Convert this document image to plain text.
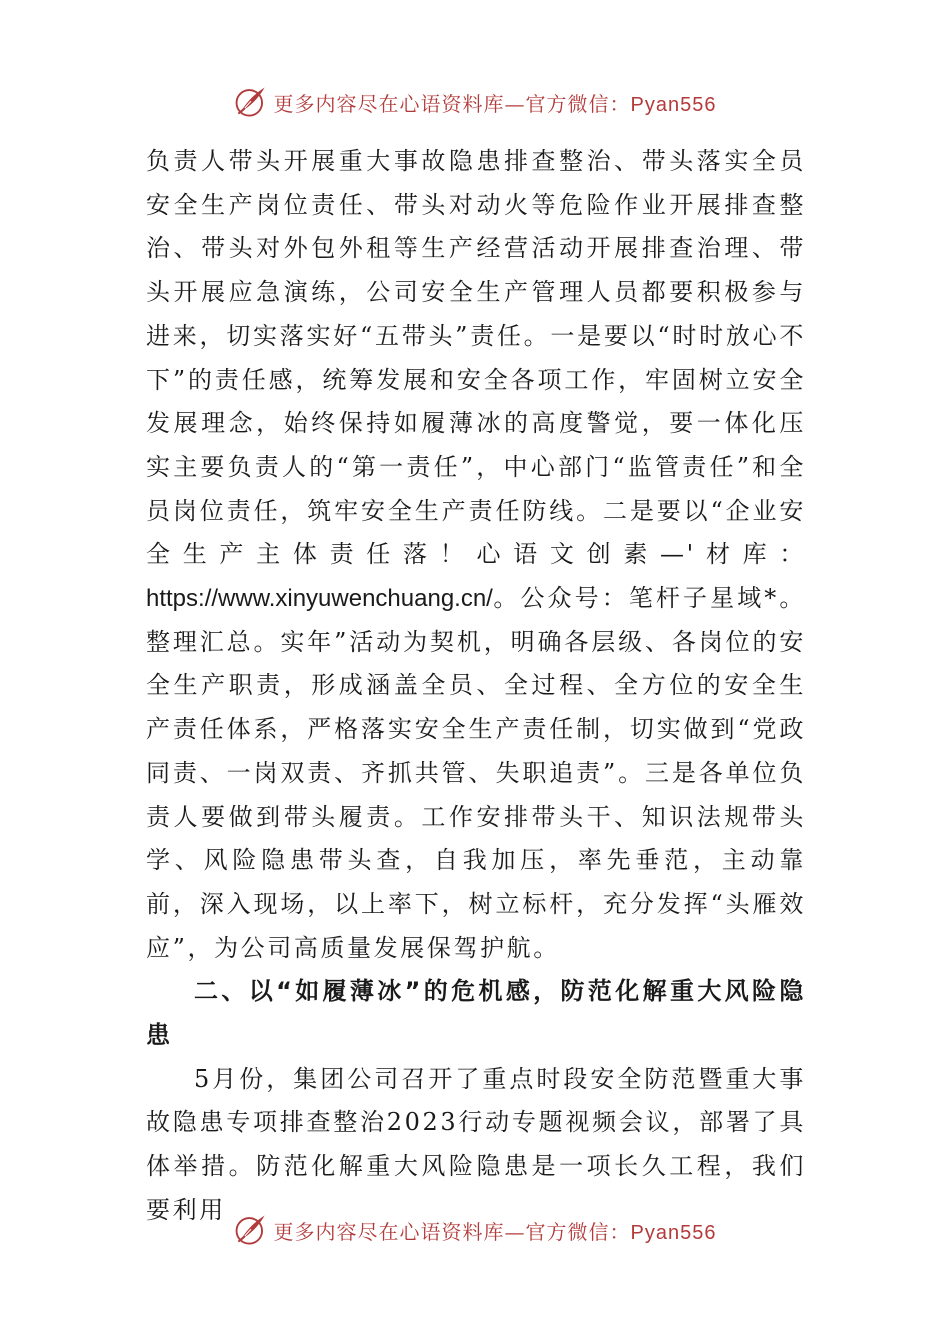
更多内容尽在心语资料库—官方微信：Pyan556

负责人带头开展重大事故隐患排查整治、带头落实全员安全生产岗位责任、带头对动火等危险作业开展排查整治、带头对外包外租等生产经营活动开展排查治理、带头开展应急演练，公司安全生产管理人员都要积极参与进来，切实落实好“五带头”责任。一是要以“时时放心不下”的责任感，统筹发展和安全各项工作，牢固树立安全发展理念，始终保持如履薄冰的高度警觉，要一体化压实主要负责人的“第一责任”，中心部门“监管责任”和全员岗位责任，筑牢安全生产责任防线。二是要以“企业安全生产主体责任落！心语文创素—'材库：https://www.xinyuwenchuang.cn/。公众号：笔杆子星域*。整理汇总。实年”活动为契机，明确各层级、各岗位的安全生产职责，形成涵盖全员、全过程、全方位的安全生产责任体系，严格落实安全生产责任制，切实做到“党政同责、一岗双责、齐抓共管、失职追责”。三是各单位负责人要做到带头履责。工作安排带头干、知识法规带头学、风险隐患带头查，自我加压，率先垂范，主动靠前，深入现场，以上率下，树立标杆，充分发挥“头雁效应”，为公司高质量发展保驾护航。

二、以“如履薄冰”的危机感，防范化解重大风险隐患

5月份，集团公司召开了重点时段安全防范暨重大事故隐患专项排查整治2023行动专题视频会议，部署了具体举措。防范化解重大风险隐患是一项长久工程，我们要利用

更多内容尽在心语资料库—官方微信：Pyan556
